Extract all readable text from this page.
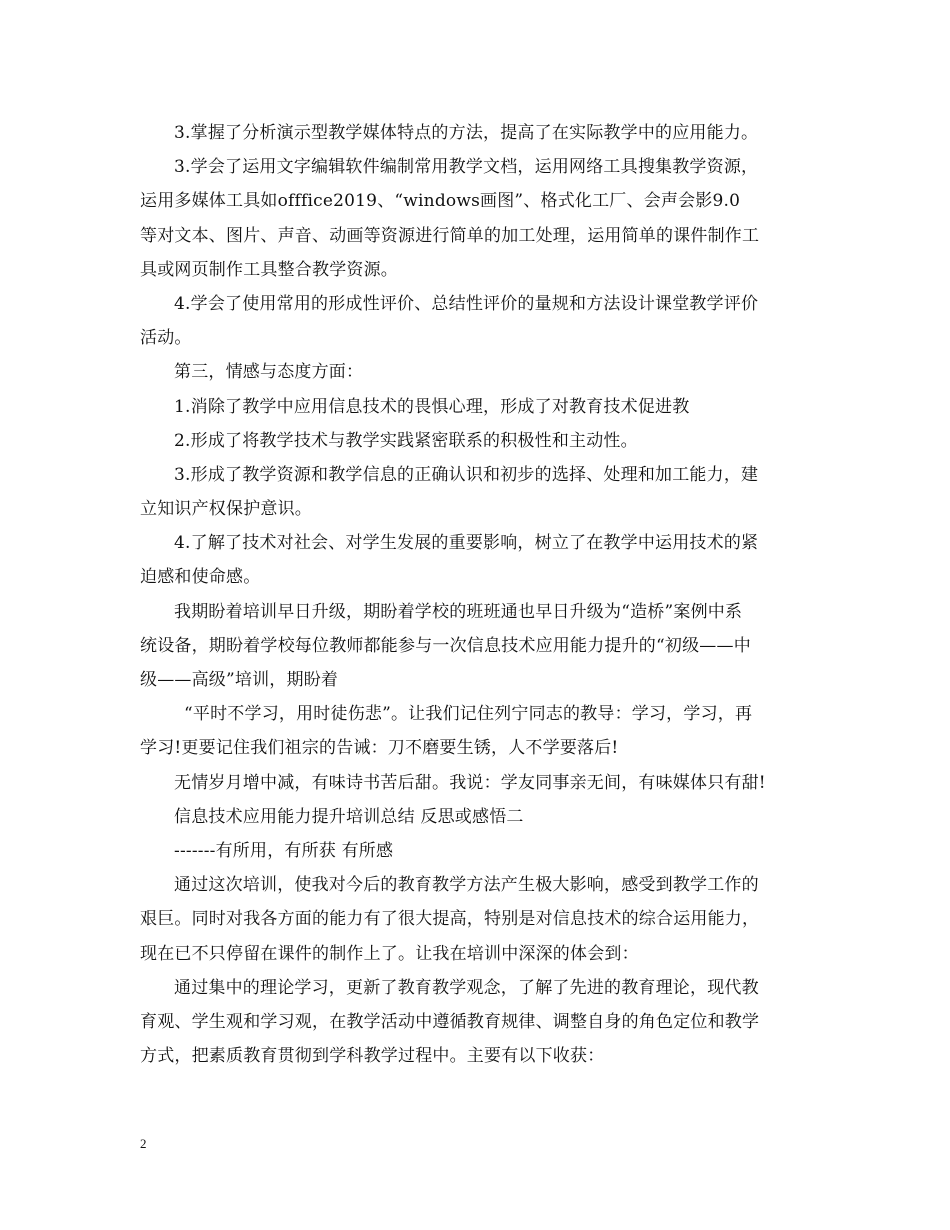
3.掌握了分析演示型教学媒体特点的方法，提高了在实际教学中的应用能力。
3.学会了运用文字编辑软件编制常用教学文档，运用网络工具搜集教学资源，
运用多媒体工具如offfice2019、“windows画图”、格式化工厂、会声会影9.0
等对文本、图片、声音、动画等资源进行简单的加工处理，运用简单的课件制作工
具或网页制作工具整合教学资源。
4.学会了使用常用的形成性评价、总结性评价的量规和方法设计课堂教学评价
活动。
第三，情感与态度方面：
1.消除了教学中应用信息技术的畏惧心理，形成了对教育技术促进教
2.形成了将教学技术与教学实践紧密联系的积极性和主动性。
3.形成了教学资源和教学信息的正确认识和初步的选择、处理和加工能力，建
立知识产权保护意识。
4.了解了技术对社会、对学生发展的重要影响，树立了在教学中运用技术的紧
迫感和使命感。
我期盼着培训早日升级，期盼着学校的班班通也早日升级为“造桥”案例中系
统设备，期盼着学校每位教师都能参与一次信息技术应用能力提升的“初级——中
级——高级”培训，期盼着
“平时不学习，用时徒伤悲”。让我们记住列宁同志的教导：学习，学习，再
学习!更要记住我们祖宗的告诫：刀不磨要生锈，人不学要落后!
无情岁月增中减，有味诗书苦后甜。我说：学友同事亲无间，有味媒体只有甜!
信息技术应用能力提升培训总结 反思或感悟二
-------有所用，有所获 有所感
通过这次培训，使我对今后的教育教学方法产生极大影响，感受到教学工作的
艰巨。同时对我各方面的能力有了很大提高，特别是对信息技术的综合运用能力，
现在已不只停留在课件的制作上了。让我在培训中深深的体会到：
通过集中的理论学习，更新了教育教学观念，了解了先进的教育理论，现代教
育观、学生观和学习观，在教学活动中遵循教育规律、调整自身的角色定位和教学
方式，把素质教育贯彻到学科教学过程中。主要有以下收获：
2
